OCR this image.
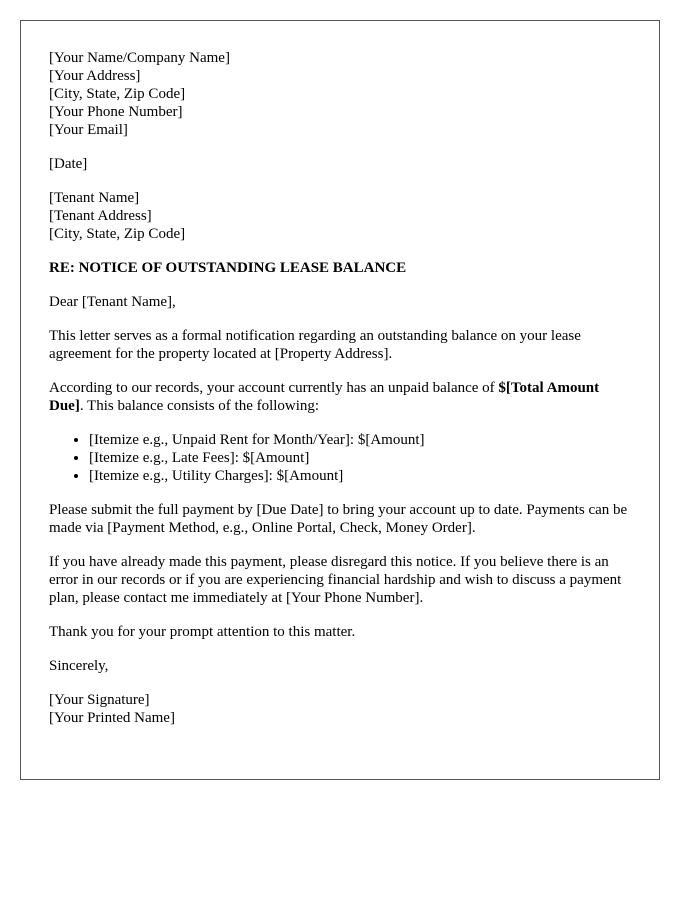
[Your Name/Company Name]
[Your Address]
[City, State, Zip Code]
[Your Phone Number]
[Your Email]
[Date]
[Tenant Name]
[Tenant Address]
[City, State, Zip Code]
RE: NOTICE OF OUTSTANDING LEASE BALANCE

Dear [Tenant Name],

This letter serves as a formal notification regarding an outstanding balance on your lease agreement for the property located at [Property Address].

According to our records, your account currently has an unpaid balance of $[Total Amount Due]. This balance consists of the following:

• [Itemize e.g., Unpaid Rent for Month/Year]: $[Amount]
• [Itemize e.g., Late Fees]: $[Amount]
• [Itemize e.g., Utility Charges]: $[Amount]

Please submit the full payment by [Due Date] to bring your account up to date. Payments can be made via [Payment Method, e.g., Online Portal, Check, Money Order].

If you have already made this payment, please disregard this notice. If you believe there is an error in our records or if you are experiencing financial hardship and wish to discuss a payment plan, please contact me immediately at [Your Phone Number].

Thank you for your prompt attention to this matter.

Sincerely,

[Your Signature]
[Your Printed Name]
